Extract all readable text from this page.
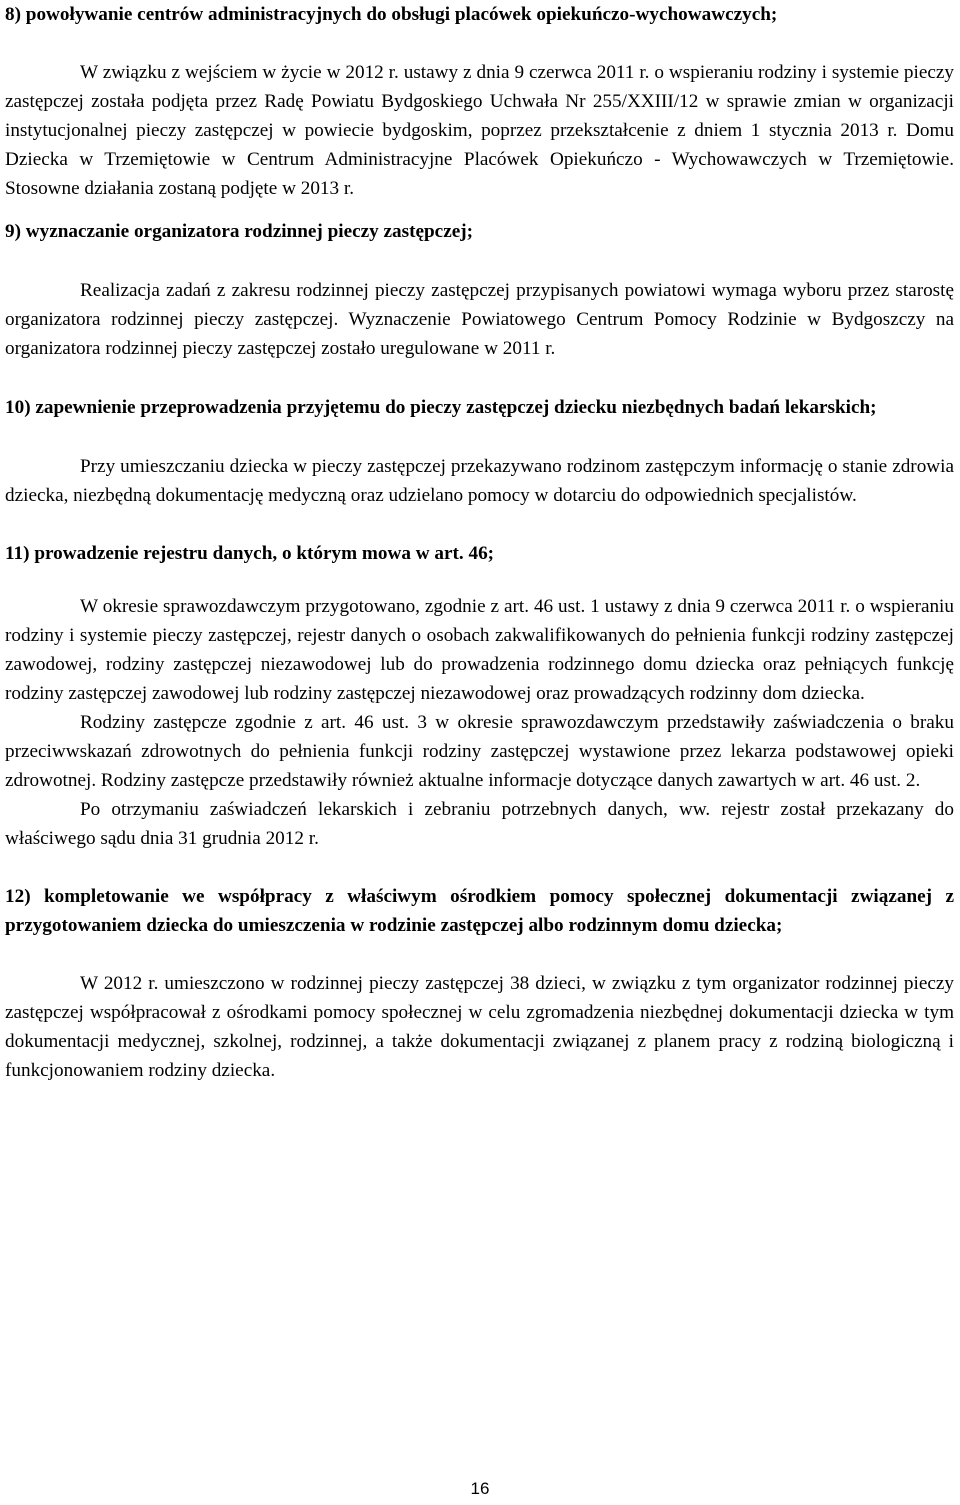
8) powoływanie centrów administracyjnych do obsługi placówek opiekuńczo-wychowawczych;

W związku z wejściem w życie w 2012 r. ustawy z dnia 9 czerwca 2011 r. o wspieraniu rodziny i systemie pieczy zastępczej została podjęta przez Radę Powiatu Bydgoskiego Uchwała Nr 255/XXIII/12 w sprawie zmian w organizacji instytucjonalnej pieczy zastępczej w powiecie bydgoskim, poprzez przekształcenie z dniem 1 stycznia 2013 r. Domu Dziecka w Trzemiętowie w Centrum Administracyjne Placówek Opiekuńczo - Wychowawczych w Trzemiętowie. Stosowne działania zostaną podjęte w 2013 r.

9) wyznaczanie organizatora rodzinnej pieczy zastępczej;

Realizacja zadań z zakresu rodzinnej pieczy zastępczej przypisanych powiatowi wymaga wyboru przez starostę organizatora rodzinnej pieczy zastępczej. Wyznaczenie Powiatowego Centrum Pomocy Rodzinie w Bydgoszczy na organizatora rodzinnej pieczy zastępczej zostało uregulowane w 2011 r.

10) zapewnienie przeprowadzenia przyjętemu do pieczy zastępczej dziecku niezbędnych badań lekarskich;

Przy umieszczaniu dziecka w pieczy zastępczej przekazywano rodzinom zastępczym informację o stanie zdrowia dziecka, niezbędną dokumentację medyczną oraz udzielano pomocy w dotarciu do odpowiednich specjalistów.

11) prowadzenie rejestru danych, o którym mowa w art. 46;

W okresie sprawozdawczym przygotowano, zgodnie z art. 46 ust. 1 ustawy z dnia 9 czerwca 2011 r. o wspieraniu rodziny i systemie pieczy zastępczej, rejestr danych o osobach zakwalifikowanych do pełnienia funkcji rodziny zastępczej zawodowej, rodziny zastępczej niezawodowej lub do prowadzenia rodzinnego domu dziecka oraz pełniących funkcję rodziny zastępczej zawodowej lub rodziny zastępczej niezawodowej oraz prowadzących rodzinny dom dziecka.

Rodziny zastępcze zgodnie z art. 46 ust. 3 w okresie sprawozdawczym przedstawiły zaświadczenia o braku przeciwwskazań zdrowotnych do pełnienia funkcji rodziny zastępczej wystawione przez lekarza podstawowej opieki zdrowotnej. Rodziny zastępcze przedstawiły również aktualne informacje dotyczące danych zawartych w art. 46 ust. 2.

Po otrzymaniu zaświadczeń lekarskich i zebraniu potrzebnych danych, ww. rejestr został przekazany do właściwego sądu dnia 31 grudnia 2012 r.

12) kompletowanie we współpracy z właściwym ośrodkiem pomocy społecznej dokumentacji związanej z przygotowaniem dziecka do umieszczenia w rodzinie zastępczej albo rodzinnym domu dziecka;

W 2012 r. umieszczono w rodzinnej pieczy zastępczej 38 dzieci, w związku z tym organizator rodzinnej pieczy zastępczej współpracował z ośrodkami pomocy społecznej w celu zgromadzenia niezbędnej dokumentacji dziecka w tym dokumentacji medycznej, szkolnej, rodzinnej, a także dokumentacji związanej z planem pracy z rodziną biologiczną i funkcjonowaniem rodziny dziecka.

16
